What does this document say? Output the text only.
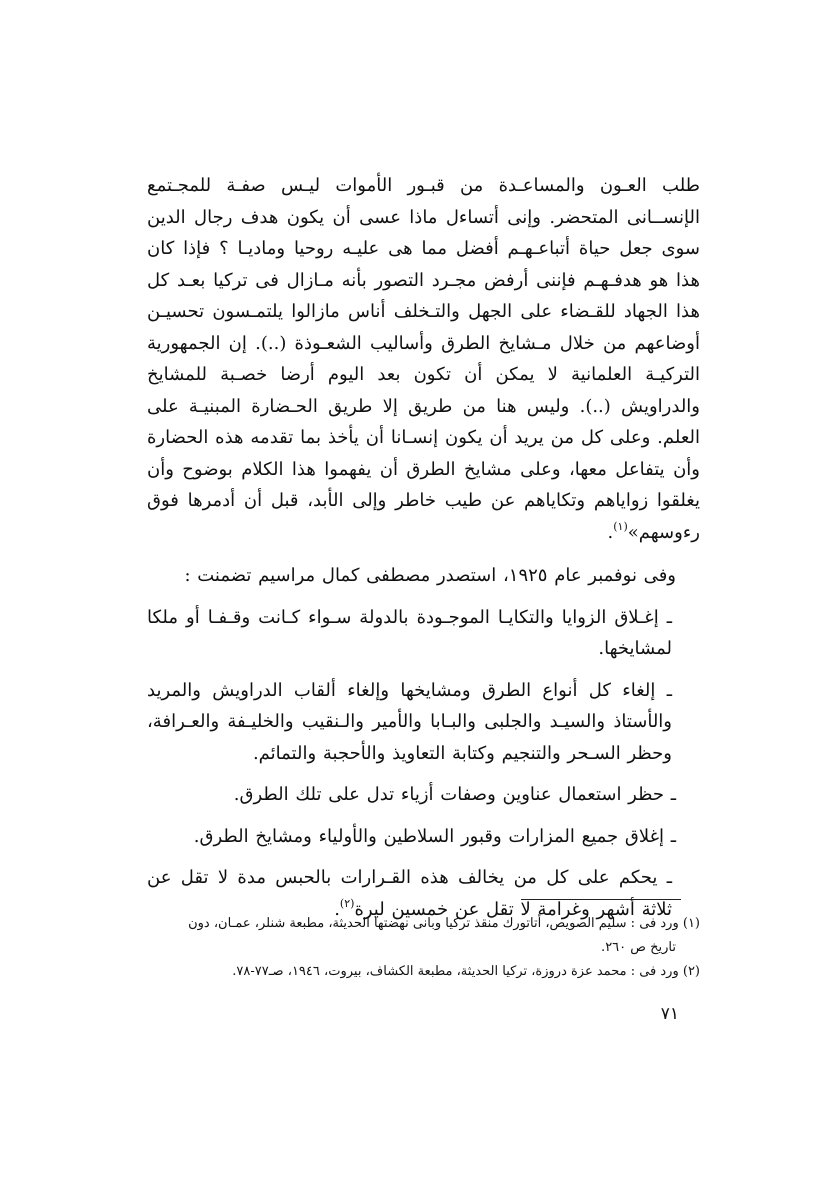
طلب العـون والمساعـدة من قبـور الأموات ليـس صفـة للمجـتمع الإنســانى المتحضر. وإنى أتساءل ماذا عسى أن يكون هدف رجال الدين سوى جعل حياة أتباعـهـم أفضل مما هى عليـه روحيا وماديـا ؟ فإذا كان هذا هو هدفـهـم فإننى أرفض مجـرد التصور بأنه مـازال فى تركيا بعـد كل هذا الجهاد للقـضاء على الجهل والتـخلف أناس مازالوا يلتمـسون تحسيـن أوضاعهم من خلال مـشايخ الطرق وأساليب الشعـوذة (..). إن الجمهورية التركيـة العلمانية لا يمكن أن تكون بعد اليوم أرضا خصـبة للمشايخ والدراويش (..). وليس هنا من طريق إلا طريق الحـضارة المبنيـة على العلم. وعلى كل من يريد أن يكون إنسـانا أن يأخذ بما تقدمه هذه الحضارة وأن يتفاعل معها، وعلى مشايخ الطرق أن يفهموا هذا الكلام بوضوح وأن يغلقوا زواياهم وتكاياهم عن طيب خاطر وإلى الأبد، قبل أن أدمرها فوق رءوسهم»$^{(١)}$.

وفى نوفمبر عام ١٩٢٥، استصدر مصطفى كمال مراسيم تضمنت :

ـ إغـلاق الزوايا والتكايـا الموجـودة بالدولة سـواء كـانت وقـفـا أو ملكا لمشايخها.

ـ إلغاء كل أنواع الطرق ومشايخها وإلغاء ألقاب الدراويش والمريد والأستاذ والسيـد والجلبى والبـابا والأمير والـنقيب والخليـفة والعـرافة، وحظر السـحر والتنجيم وكتابة التعاويذ والأحجبة والتمائم.

ـ حظر استعمال عناوين وصفات أزياء تدل على تلك الطرق.

ـ إغلاق جميع المزارات وقبور السلاطين والأولياء ومشايخ الطرق.

ـ يحكم على كل من يخالف هذه القـرارات بالحبس مدة لا تقل عن ثلاثة أشهر وغرامة لا تقل عن خمسين ليرة$^{(٢)}$.

(١) ورد فى : سليم الصويص، أتاتورك منقذ تركيا وبانى نهضتها الحديثة، مطبعة شنلر، عمـان، دون
تاريخ ص ٢٦٠.

(٢) ورد فى : محمد عزة دروزة، تركيا الحديثة، مطبعة الكشاف، بيروت، ١٩٤٦، صـ٧٧-٧٨.

٧١
